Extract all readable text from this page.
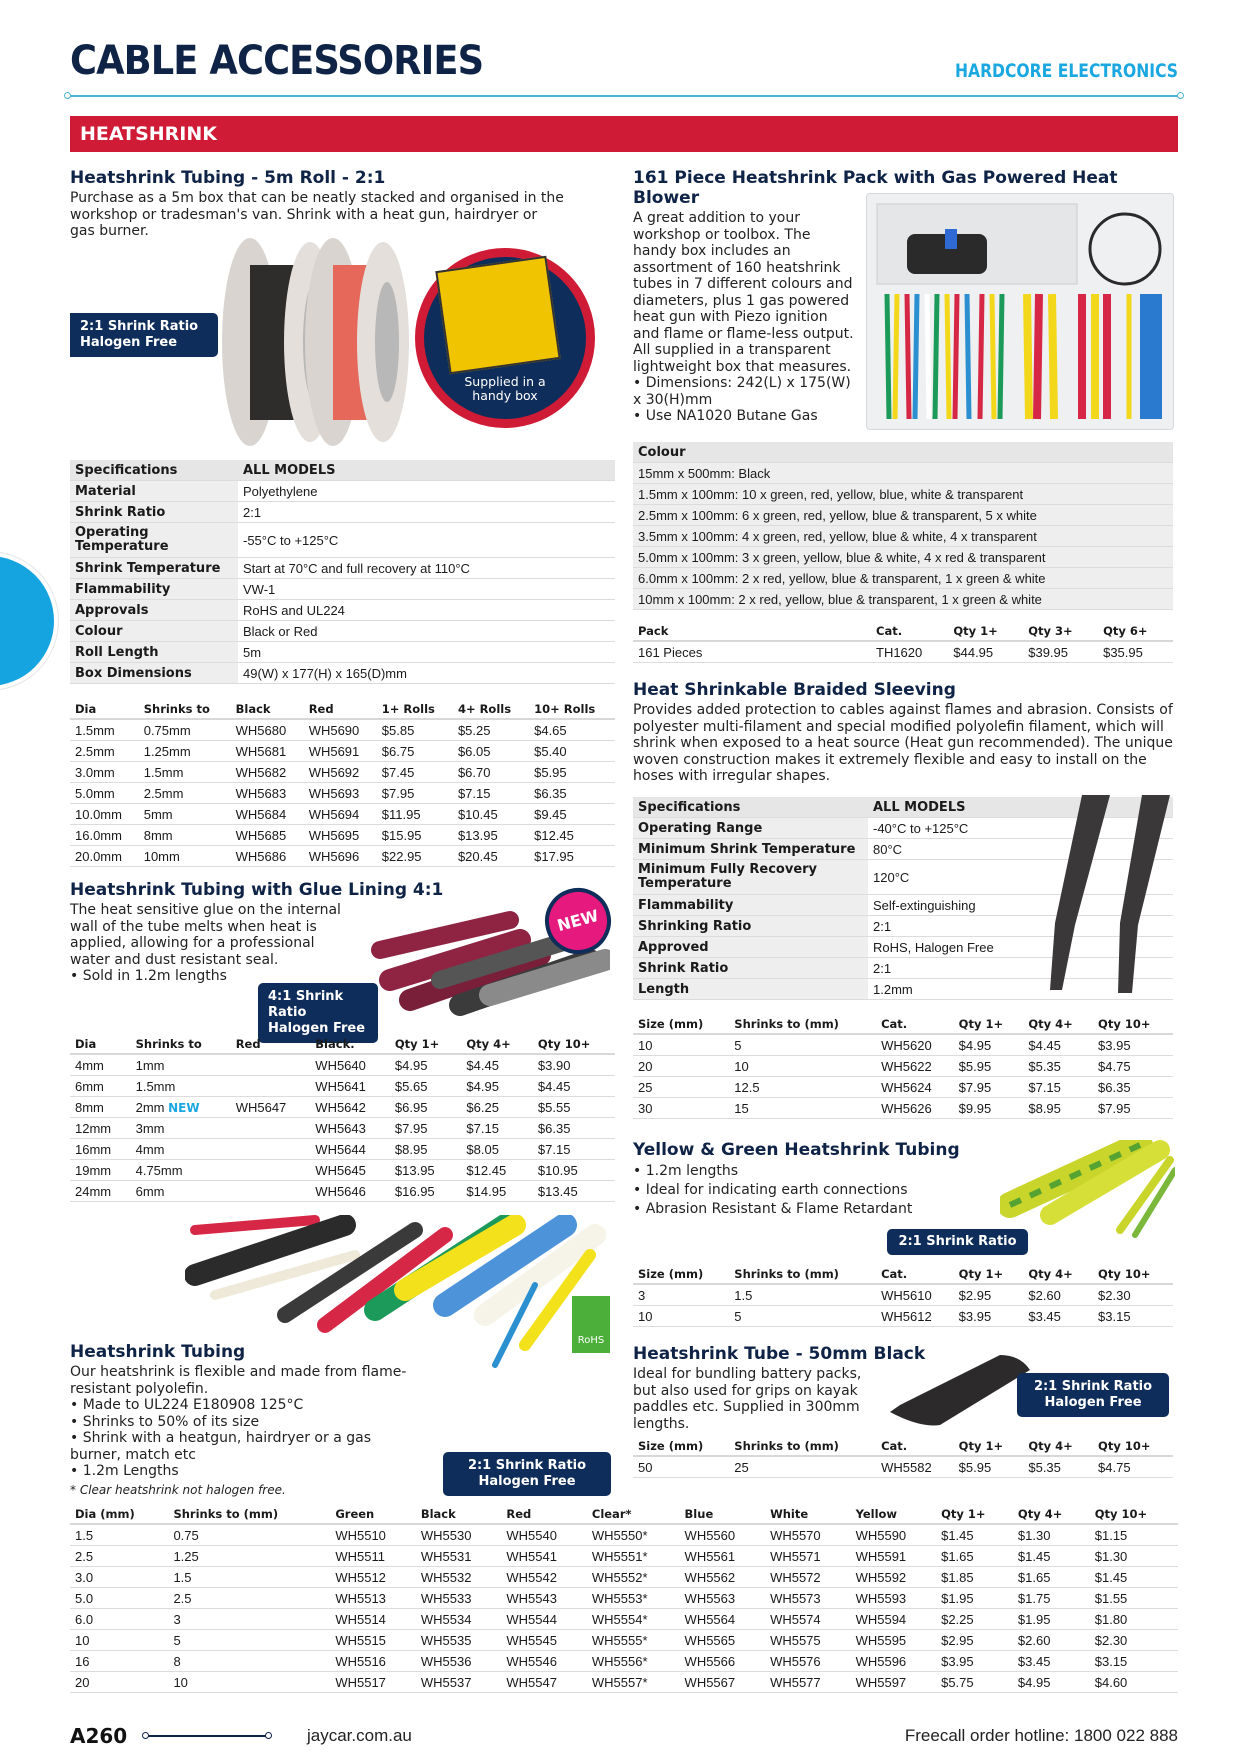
CABLE ACCESSORIES	HARDCORE ELECTRONICS
HEATSHRINK
Heatshrink Tubing - 5m Roll - 2:1
Purchase as a 5m box that can be neatly stacked and organised in the workshop or tradesman's van. Shrink with a heat gun, hairdryer or gas burner.
2:1 Shrink Ratio
Halogen Free
Supplied in a
handy box
Specifications	ALL MODELS
Material	Polyethylene
Shrink Ratio	2:1
Operating Temperature	-55°C to +125°C
Shrink Temperature	Start at 70°C and full recovery at 110°C
Flammability	VW-1
Approvals	RoHS and UL224
Colour	Black or Red
Roll Length	5m
Box Dimensions	49(W) x 177(H) x 165(D)mm
Dia	Shrinks to	Black	Red	1+ Rolls	4+ Rolls	10+ Rolls
1.5mm	0.75mm	WH5680	WH5690	$5.85	$5.25	$4.65
2.5mm	1.25mm	WH5681	WH5691	$6.75	$6.05	$5.40
3.0mm	1.5mm	WH5682	WH5692	$7.45	$6.70	$5.95
5.0mm	2.5mm	WH5683	WH5693	$7.95	$7.15	$6.35
10.0mm	5mm	WH5684	WH5694	$11.95	$10.45	$9.45
16.0mm	8mm	WH5685	WH5695	$15.95	$13.95	$12.45
20.0mm	10mm	WH5686	WH5696	$22.95	$20.45	$17.95
Heatshrink Tubing with Glue Lining 4:1
The heat sensitive glue on the internal wall of the tube melts when heat is applied, allowing for a professional water and dust resistant seal.
• Sold in 1.2m lengths
NEW
4:1 Shrink Ratio
Halogen Free
Dia	Shrinks to	Red	Black.	Qty 1+	Qty 4+	Qty 10+
4mm	1mm		WH5640	$4.95	$4.45	$3.90
6mm	1.5mm		WH5641	$5.65	$4.95	$4.45
8mm	2mm NEW	WH5647	WH5642	$6.95	$6.25	$5.55
12mm	3mm		WH5643	$7.95	$7.15	$6.35
16mm	4mm		WH5644	$8.95	$8.05	$7.15
19mm	4.75mm		WH5645	$13.95	$12.45	$10.95
24mm	6mm		WH5646	$16.95	$14.95	$13.45
RoHS
Heatshrink Tubing
Our heatshrink is flexible and made from flame-resistant polyolefin.
• Made to UL224 E180908 125°C
• Shrinks to 50% of its size
• Shrink with a heatgun, hairdryer or a gas burner, match etc
• 1.2m Lengths
* Clear heatshrink not halogen free.
2:1 Shrink Ratio
Halogen Free
Dia (mm)	Shrinks to (mm)	Green	Black	Red	Clear*	Blue	White	Yellow	Qty 1+	Qty 4+	Qty 10+
1.5	0.75	WH5510	WH5530	WH5540	WH5550*	WH5560	WH5570	WH5590	$1.45	$1.30	$1.15
2.5	1.25	WH5511	WH5531	WH5541	WH5551*	WH5561	WH5571	WH5591	$1.65	$1.45	$1.30
3.0	1.5	WH5512	WH5532	WH5542	WH5552*	WH5562	WH5572	WH5592	$1.85	$1.65	$1.45
5.0	2.5	WH5513	WH5533	WH5543	WH5553*	WH5563	WH5573	WH5593	$1.95	$1.75	$1.55
6.0	3	WH5514	WH5534	WH5544	WH5554*	WH5564	WH5574	WH5594	$2.25	$1.95	$1.80
10	5	WH5515	WH5535	WH5545	WH5555*	WH5565	WH5575	WH5595	$2.95	$2.60	$2.30
16	8	WH5516	WH5536	WH5546	WH5556*	WH5566	WH5576	WH5596	$3.95	$3.45	$3.15
20	10	WH5517	WH5537	WH5547	WH5557*	WH5567	WH5577	WH5597	$5.75	$4.95	$4.60
161 Piece Heatshrink Pack with Gas Powered Heat Blower
A great addition to your workshop or toolbox. The handy box includes an assortment of 160 heatshrink tubes in 7 different colours and diameters, plus 1 gas powered heat gun with Piezo ignition and flame or flame-less output. All supplied in a transparent lightweight box that measures.
• Dimensions: 242(L) x 175(W) x 30(H)mm
• Use NA1020 Butane Gas
Colour
15mm x 500mm: Black
1.5mm x 100mm: 10 x green, red, yellow, blue, white & transparent
2.5mm x 100mm: 6 x green, red, yellow, blue & transparent, 5 x white
3.5mm x 100mm: 4 x green, red, yellow, blue & white, 4 x transparent
5.0mm x 100mm: 3 x green, yellow, blue & white, 4 x red & transparent
6.0mm x 100mm: 2 x red, yellow, blue & transparent, 1 x green & white
10mm x 100mm: 2 x red, yellow, blue & transparent, 1 x green & white
Pack	Cat.	Qty 1+	Qty 3+	Qty 6+
161 Pieces	TH1620	$44.95	$39.95	$35.95
Heat Shrinkable Braided Sleeving
Provides added protection to cables against flames and abrasion. Consists of polyester multi-filament and special modified polyolefin filament, which will shrink when exposed to a heat source (Heat gun recommended). The unique woven construction makes it extremely flexible and easy to install on the hoses with irregular shapes.
Specifications	ALL MODELS
Operating Range	-40°C to +125°C
Minimum Shrink Temperature	80°C
Minimum Fully Recovery Temperature	120°C
Flammability	Self-extinguishing
Shrinking Ratio	2:1
Approved	RoHS, Halogen Free
Shrink Ratio	2:1
Length	1.2mm
Size (mm)	Shrinks to (mm)	Cat.	Qty 1+	Qty 4+	Qty 10+
10	5	WH5620	$4.95	$4.45	$3.95
20	10	WH5622	$5.95	$5.35	$4.75
25	12.5	WH5624	$7.95	$7.15	$6.35
30	15	WH5626	$9.95	$8.95	$7.95
Yellow & Green Heatshrink Tubing
• 1.2m lengths
• Ideal for indicating earth connections
• Abrasion Resistant & Flame Retardant
2:1 Shrink Ratio
Size (mm)	Shrinks to (mm)	Cat.	Qty 1+	Qty 4+	Qty 10+
3	1.5	WH5610	$2.95	$2.60	$2.30
10	5	WH5612	$3.95	$3.45	$3.15
Heatshrink Tube - 50mm Black
Ideal for bundling battery packs, but also used for grips on kayak paddles etc. Supplied in 300mm lengths.
2:1 Shrink Ratio
Halogen Free
Size (mm)	Shrinks to (mm)	Cat.	Qty 1+	Qty 4+	Qty 10+
50	25	WH5582	$5.95	$5.35	$4.75
A260	jaycar.com.au	Freecall order hotline: 1800 022 888
